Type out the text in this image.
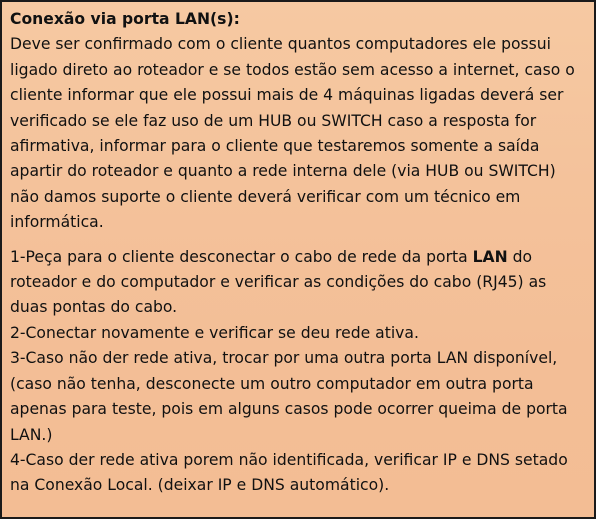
Conexão via porta LAN(s):

Deve ser confirmado com o cliente quantos computadores ele possui ligado direto ao roteador e se todos estão sem acesso a internet, caso o cliente informar que ele possui mais de 4 máquinas ligadas deverá ser verificado se ele faz uso de um HUB ou SWITCH caso a resposta for afirmativa, informar para o cliente que testaremos somente a saída apartir do roteador e quanto a rede interna dele (via HUB ou SWITCH) não damos suporte o cliente deverá verificar com um técnico em informática.

1-Peça para o cliente desconectar o cabo de rede da porta LAN do roteador e do computador e verificar as condições do cabo (RJ45) as duas pontas do cabo.

2-Conectar novamente e verificar se deu rede ativa.

3-Caso não der rede ativa, trocar por uma outra porta LAN disponível, (caso não tenha, desconecte um outro computador em outra porta apenas para teste, pois em alguns casos pode ocorrer queima de porta LAN.)

4-Caso der rede ativa porem não identificada, verificar IP e DNS setado na Conexão Local. (deixar IP e DNS automático).
